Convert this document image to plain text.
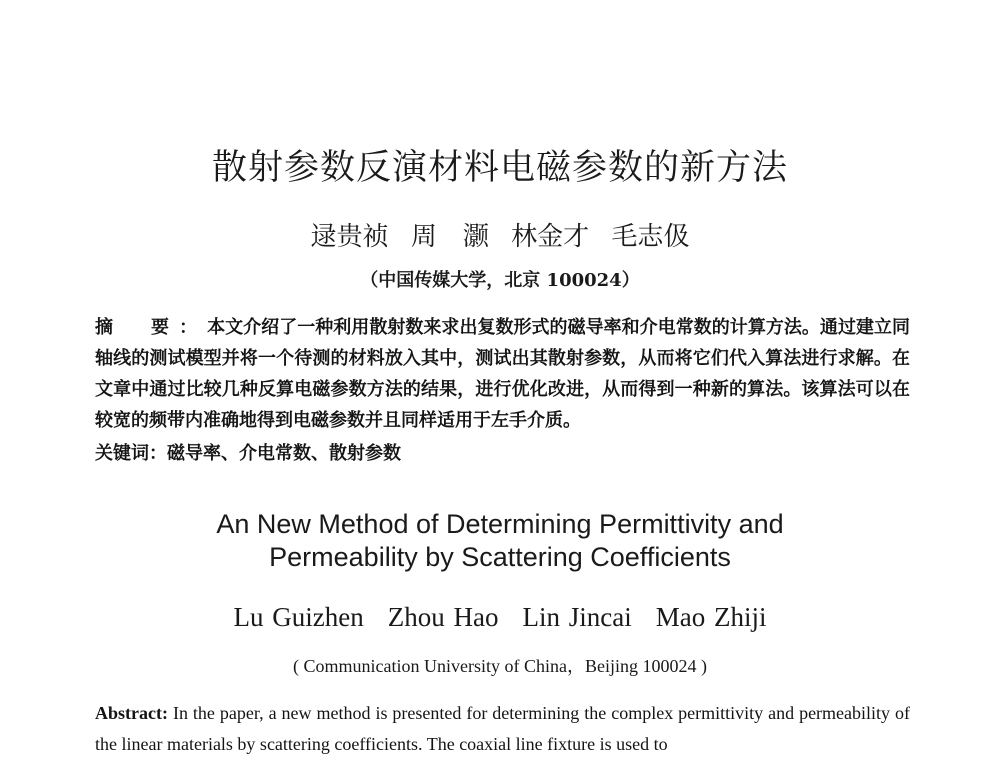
散射参数反演材料电磁参数的新方法
逯贵祯 周　灏 林金才 毛志伋
（中国传媒大学，北京 100024）
摘　要：本文介绍了一种利用散射数来求出复数形式的磁导率和介电常数的计算方法。通过建立同轴线的测试模型并将一个待测的材料放入其中，测试出其散射参数，从而将它们代入算法进行求解。在文章中通过比较几种反算电磁参数方法的结果，进行优化改进，从而得到一种新的算法。该算法可以在较宽的频带内准确地得到电磁参数并且同样适用于左手介质。
关键词：磁导率、介电常数、散射参数
An New Method of Determining Permittivity and
Permeability by Scattering Coefficients
Lu Guizhen Zhou Hao Lin Jincai Mao Zhiji
( Communication University of China，Beijing 100024 )
Abstract: In the paper, a new method is presented for determining the complex permittivity and permeability of the linear materials by scattering coefficients. The coaxial line fixture is used to
